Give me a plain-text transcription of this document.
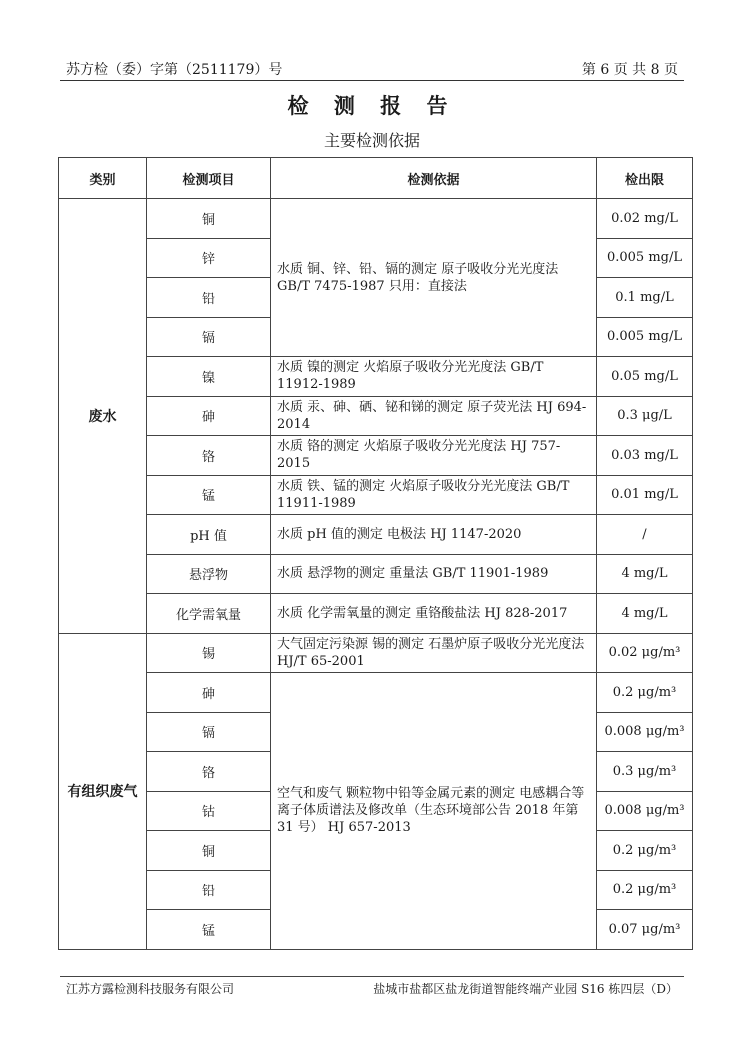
苏方检（委）字第（2511179）号	第 6 页 共 8 页
检 测 报 告
主要检测依据
类别	检测项目	检测依据	检出限
废水	铜	水质 铜、锌、铅、镉的测定 原子吸收分光光度法 GB/T 7475-1987 只用：直接法	0.02 mg/L
	锌		0.005 mg/L
	铅		0.1 mg/L
	镉		0.005 mg/L
	镍	水质 镍的测定 火焰原子吸收分光光度法 GB/T 11912-1989	0.05 mg/L
	砷	水质 汞、砷、硒、铋和锑的测定 原子荧光法 HJ 694-2014	0.3 μg/L
	铬	水质 铬的测定 火焰原子吸收分光光度法 HJ 757-2015	0.03 mg/L
	锰	水质 铁、锰的测定 火焰原子吸收分光光度法 GB/T 11911-1989	0.01 mg/L
	pH 值	水质 pH 值的测定 电极法 HJ 1147-2020	/
	悬浮物	水质 悬浮物的测定 重量法 GB/T 11901-1989	4 mg/L
	化学需氧量	水质 化学需氧量的测定 重铬酸盐法 HJ 828-2017	4 mg/L
有组织废气	锡	大气固定污染源 锡的测定 石墨炉原子吸收分光光度法 HJ/T 65-2001	0.02 μg/m³
	砷	空气和废气 颗粒物中铅等金属元素的测定 电感耦合等离子体质谱法及修改单（生态环境部公告 2018 年第 31 号） HJ 657-2013	0.2 μg/m³
	镉		0.008 μg/m³
	铬		0.3 μg/m³
	钴		0.008 μg/m³
	铜		0.2 μg/m³
	铅		0.2 μg/m³
	锰		0.07 μg/m³
江苏方露检测科技服务有限公司	盐城市盐都区盐龙街道智能终端产业园 S16 栋四层（D）
